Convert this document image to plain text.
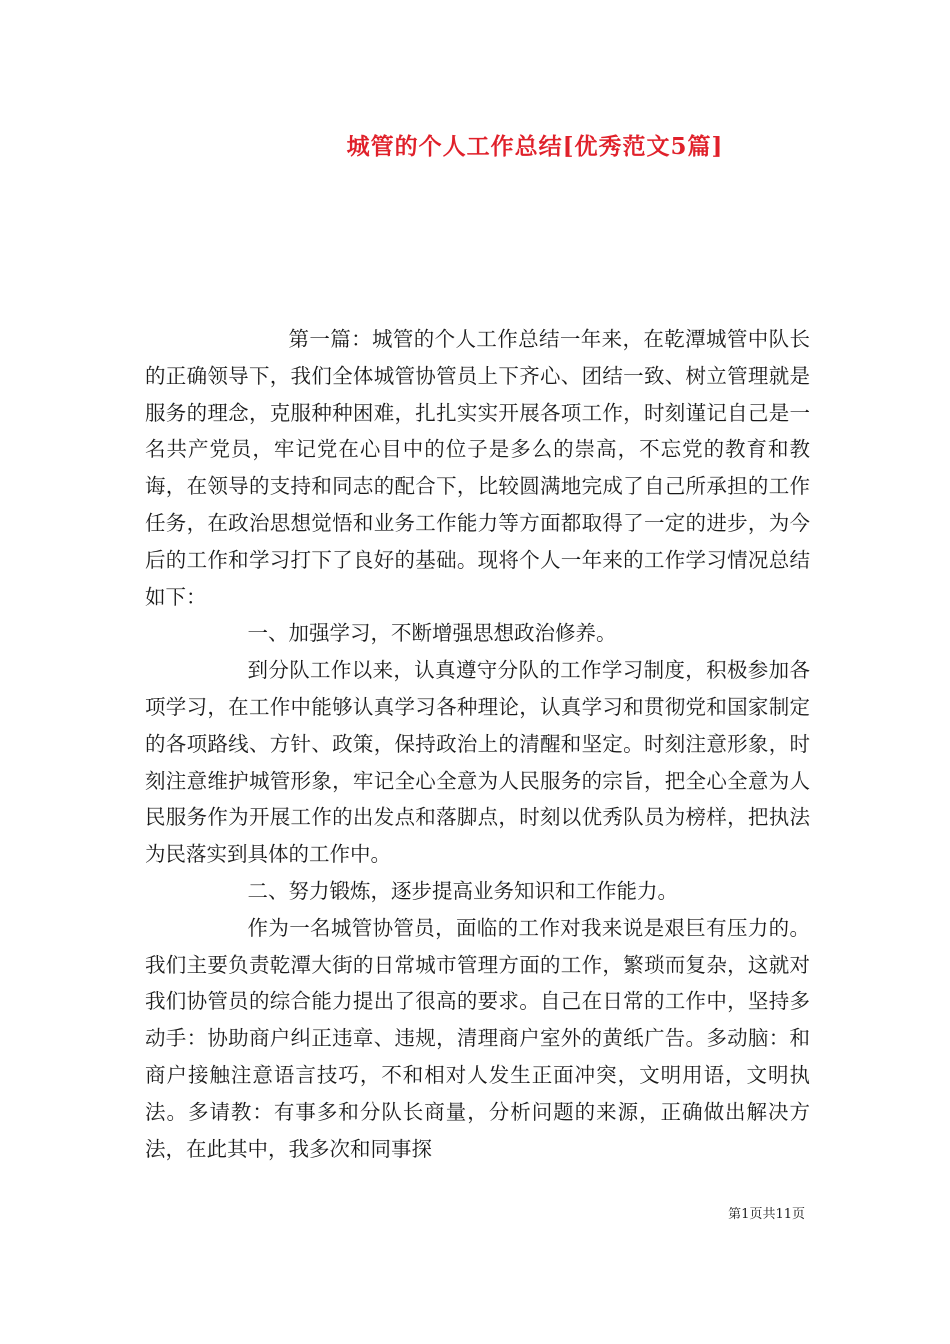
城管的个人工作总结[优秀范文5篇]

第一篇：城管的个人工作总结一年来，在乾潭城管中队长的正确领导下，我们全体城管协管员上下齐心、团结一致、树立管理就是服务的理念，克服种种困难，扎扎实实开展各项工作，时刻谨记自己是一名共产党员，牢记党在心目中的位子是多么的崇高，不忘党的教育和教诲，在领导的支持和同志的配合下，比较圆满地完成了自己所承担的工作任务，在政治思想觉悟和业务工作能力等方面都取得了一定的进步，为今后的工作和学习打下了良好的基础。现将个人一年来的工作学习情况总结如下：

一、加强学习，不断增强思想政治修养。

到分队工作以来，认真遵守分队的工作学习制度，积极参加各项学习，在工作中能够认真学习各种理论，认真学习和贯彻党和国家制定的各项路线、方针、政策，保持政治上的清醒和坚定。时刻注意形象，时刻注意维护城管形象，牢记全心全意为人民服务的宗旨，把全心全意为人民服务作为开展工作的出发点和落脚点，时刻以优秀队员为榜样，把执法为民落实到具体的工作中。

二、努力锻炼，逐步提高业务知识和工作能力。

作为一名城管协管员，面临的工作对我来说是艰巨有压力的。我们主要负责乾潭大街的日常城市管理方面的工作，繁琐而复杂，这就对我们协管员的综合能力提出了很高的要求。自己在日常的工作中，坚持多动手：协助商户纠正违章、违规，清理商户室外的黄纸广告。多动脑：和商户接触注意语言技巧，不和相对人发生正面冲突，文明用语，文明执法。多请教：有事多和分队长商量，分析问题的来源，正确做出解决方法，在此其中，我多次和同事探

第1页共11页
